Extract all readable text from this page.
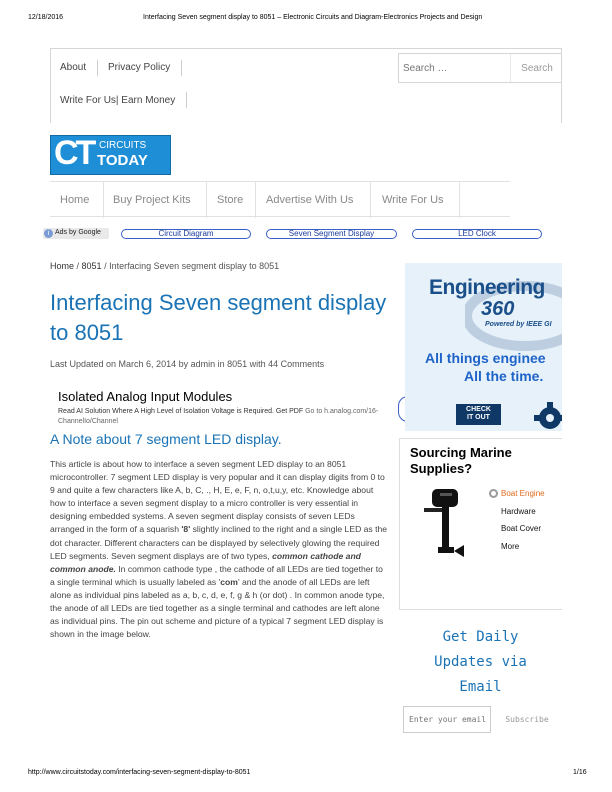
12/18/2016	Interfacing Seven segment display to 8051 – Electronic Circuits and Diagram-Electronics Projects and Design
About Privacy Policy
Write For Us| Earn Money
Search …
Search
CT CIRCUITS
TODAY
Home Buy Project Kits Store Advertise With Us	Write For Us
i Ads by Google	Circuit Diagram	Seven Segment Display	LED Clock
Home / 8051 / Interfacing Seven segment display to 8051
Interfacing Seven segment display to 8051
Last Updated on March 6, 2014 by admin in 8051 with 44 Comments
Isolated Analog Input Modules
Read AI Solution Where A High Level of Isolation Voltage is Required. Get PDF Go to h.analog.com/16-ChannelIo/Channel
A Note about 7 segment LED display.

This article is about how to interface a seven segment LED display to an 8051 microcontroller. 7 segment LED display is very popular and it can display digits from 0 to 9 and quite a few characters like A, b, C, ., H, E, e, F, n, o,t,u,y, etc. Knowledge about how to interface a seven segment display to a micro controller is very essential in designing embedded systems. A seven segment display consists of seven LEDs arranged in the form of a squarish '8' slightly inclined to the right and a single LED as the dot character. Different characters can be displayed by selectively glowing the required LED segments. Seven segment displays are of two types, common cathode and common anode. In common cathode type , the cathode of all LEDs are tied together to a single terminal which is usually labeled as 'com' and the anode of all LEDs are left alone as individual pins labeled as a, b, c, d, e, f, g & h (or dot) . In common anode type, the anode of all LEDs are tied together as a single terminal and cathodes are left alone as individual pins. The pin out scheme and picture of a typical 7 segment LED display is shown in the image below.

Engineering
360
Powered by IEEE GI
All things enginee
All the time.
CHECK
IT OUT
Sourcing Marine
Supplies?
Boat Engine
Hardware
Boat Cover
More
Get Daily
Updates via
Email
Enter your email
Subscribe
http://www.circuitstoday.com/interfacing-seven-segment-display-to-8051	1/16
